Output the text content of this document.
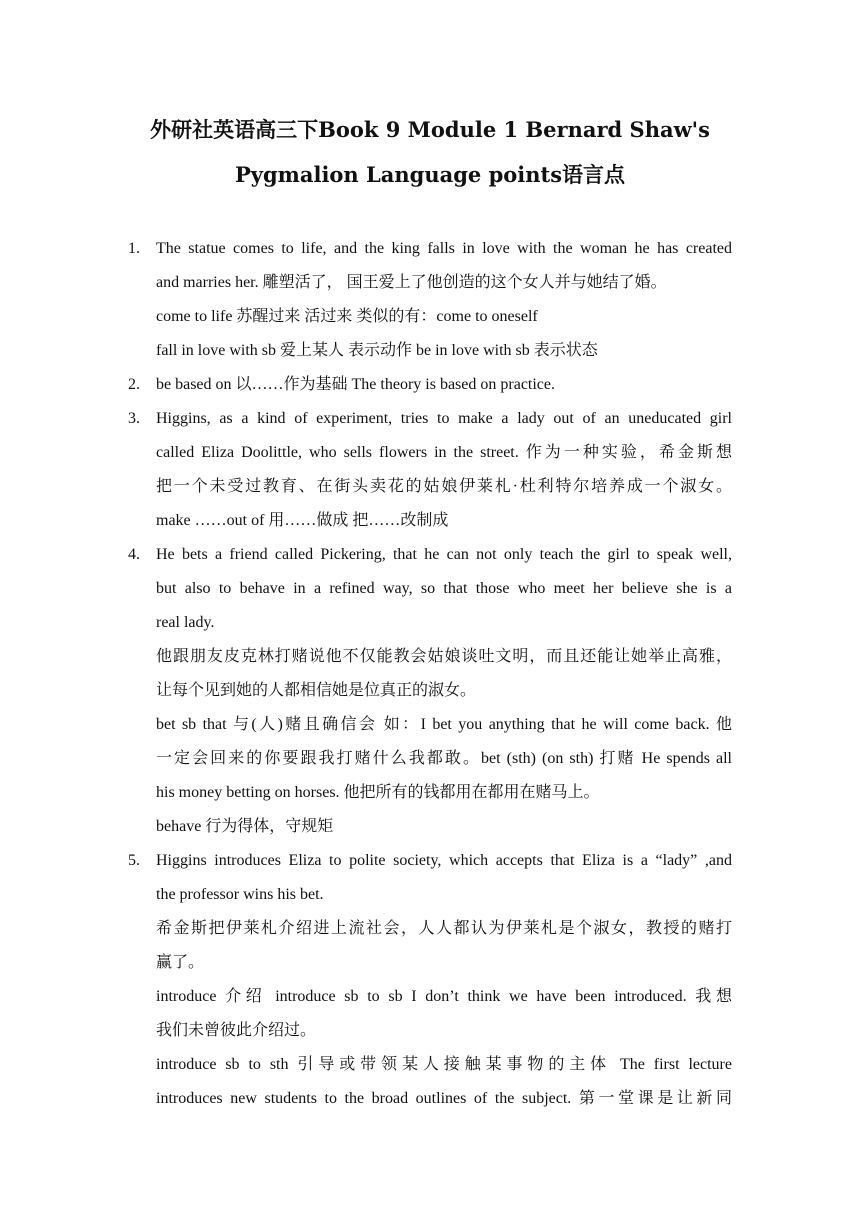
外研社英语高三下Book 9 Module 1 Bernard Shaw's
Pygmalion Language points语言点
1.	The statue comes to life, and the king falls in love with the woman he has created
and marries her. 雕塑活了， 国王爱上了他创造的这个女人并与她结了婚。
come to life 苏醒过来 活过来 类似的有：come to oneself
fall in love with sb 爱上某人 表示动作 be in love with sb 表示状态
2.	be based on 以……作为基础 The theory is based on practice.
3.	Higgins, as a kind of experiment, tries to make a lady out of an uneducated girl
called Eliza Doolittle, who sells flowers in the street. 作为一种实验，希金斯想
把一个未受过教育、在街头卖花的姑娘伊莱札·杜利特尔培养成一个淑女。
make ……out of 用……做成 把……改制成
4.	He bets a friend called Pickering, that he can not only teach the girl to speak well,
but also to behave in a refined way, so that those who meet her believe she is a
real lady.
他跟朋友皮克林打赌说他不仅能教会姑娘谈吐文明，而且还能让她举止高雅，
让每个见到她的人都相信她是位真正的淑女。
bet sb that 与(人)赌且确信会 如：I bet you anything that he will come back. 他
一定会回来的你要跟我打赌什么我都敢。bet (sth) (on sth) 打赌 He spends all
his money betting on horses. 他把所有的钱都用在都用在赌马上。
behave 行为得体，守规矩
5.	Higgins introduces Eliza to polite society, which accepts that Eliza is a “lady” ,and
the professor wins his bet.
希金斯把伊莱札介绍进上流社会，人人都认为伊莱札是个淑女，教授的赌打
赢了。
introduce 介绍 introduce sb to sb I don’t think we have been introduced. 我想
我们未曾彼此介绍过。
introduce sb to sth 引导或带领某人接触某事物的主体 The first lecture
introduces new students to the broad outlines of the subject. 第一堂课是让新同
